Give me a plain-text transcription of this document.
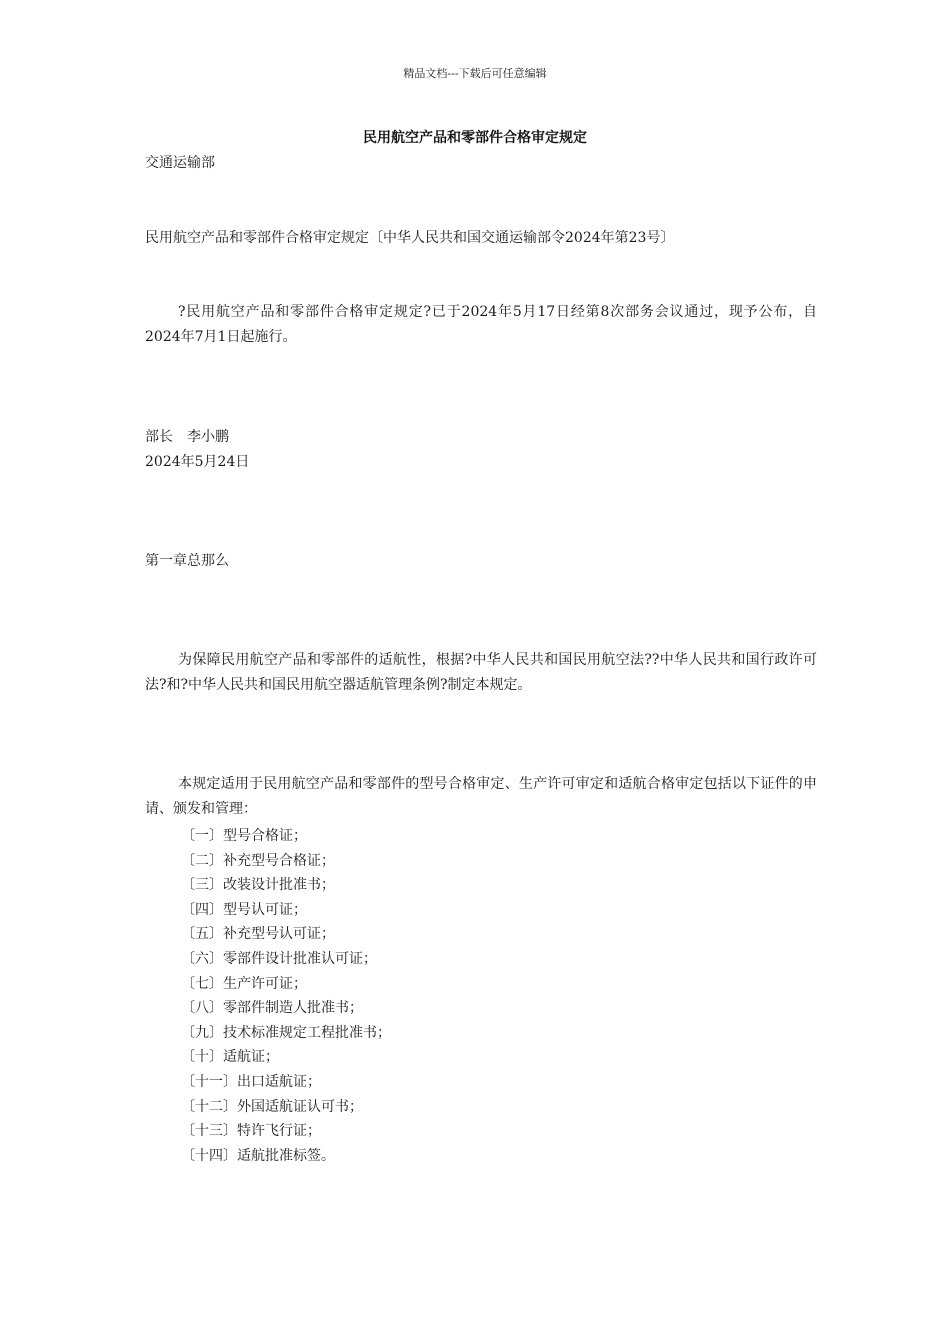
精品文档---下载后可任意编辑
民用航空产品和零部件合格审定规定
交通运输部
民用航空产品和零部件合格审定规定〔中华人民共和国交通运输部令2024年第23号〕
?民用航空产品和零部件合格审定规定?已于2024年5月17日经第8次部务会议通过，现予公布，自2024年7月1日起施行。
部长　李小鹏
2024年5月24日
第一章总那么
为保障民用航空产品和零部件的适航性，根据?中华人民共和国民用航空法??中华人民共和国行政许可法?和?中华人民共和国民用航空器适航管理条例?制定本规定。
本规定适用于民用航空产品和零部件的型号合格审定、生产许可审定和适航合格审定包括以下证件的申请、颁发和管理：
〔一〕型号合格证；
〔二〕补充型号合格证；
〔三〕改装设计批准书；
〔四〕型号认可证；
〔五〕补充型号认可证；
〔六〕零部件设计批准认可证；
〔七〕生产许可证；
〔八〕零部件制造人批准书；
〔九〕技术标准规定工程批准书；
〔十〕适航证；
〔十一〕出口适航证；
〔十二〕外国适航证认可书；
〔十三〕特许飞行证；
〔十四〕适航批准标签。
